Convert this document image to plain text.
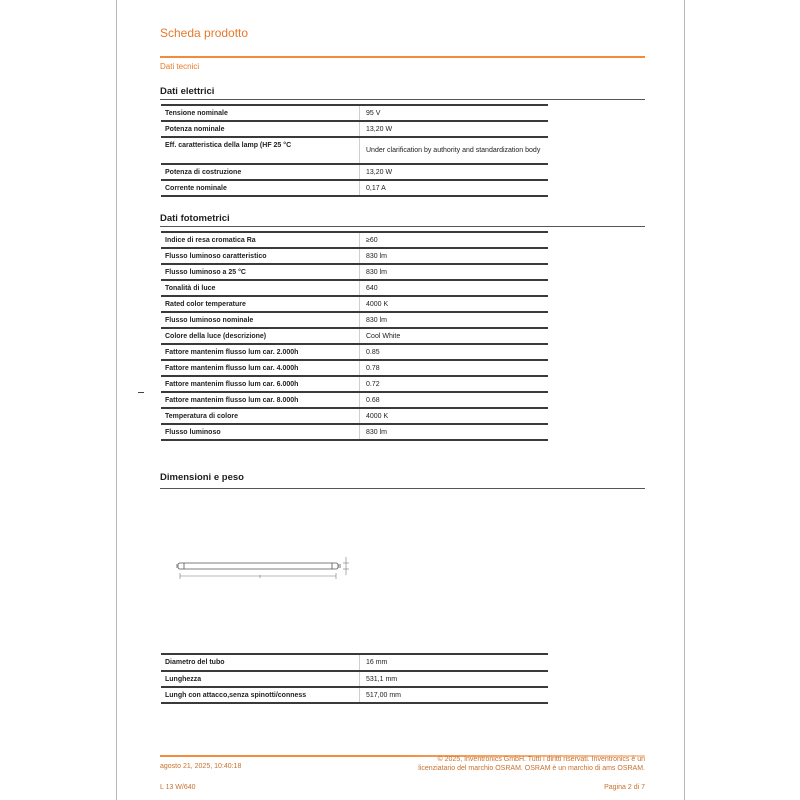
Scheda prodotto
Dati tecnici
Dati elettrici
Tensione nominale	95 V
Potenza nominale	13,20 W
Eff. caratteristica della lamp (HF 25 °C	Under clarification by authority and standardization body
Potenza di costruzione	13,20 W
Corrente nominale	0,17 A
Dati fotometrici
Indice di resa cromatica Ra	≥60
Flusso luminoso caratteristico	830 lm
Flusso luminoso a 25 °C	830 lm
Tonalità di luce	640
Rated color temperature	4000 K
Flusso luminoso nominale	830 lm
Colore della luce (descrizione)	Cool White
Fattore mantenim flusso lum car. 2.000h	0.85
Fattore mantenim flusso lum car. 4.000h	0.78
Fattore mantenim flusso lum car. 6.000h	0.72
Fattore mantenim flusso lum car. 8.000h	0.68
Temperatura di colore	4000 K
Flusso luminoso	830 lm
Dimensioni e peso
Diametro del tubo	16 mm
Lunghezza	531,1 mm
Lungh con attacco,senza spinotti/conness	517,00 mm
agosto 21, 2025, 10:40:18
L 13 W/640
© 2025, Inventronics GmbH. Tutti i diritti riservati. Inventronics è un licenziatario del marchio OSRAM. OSRAM è un marchio di ams OSRAM.
Pagina 2 di 7
